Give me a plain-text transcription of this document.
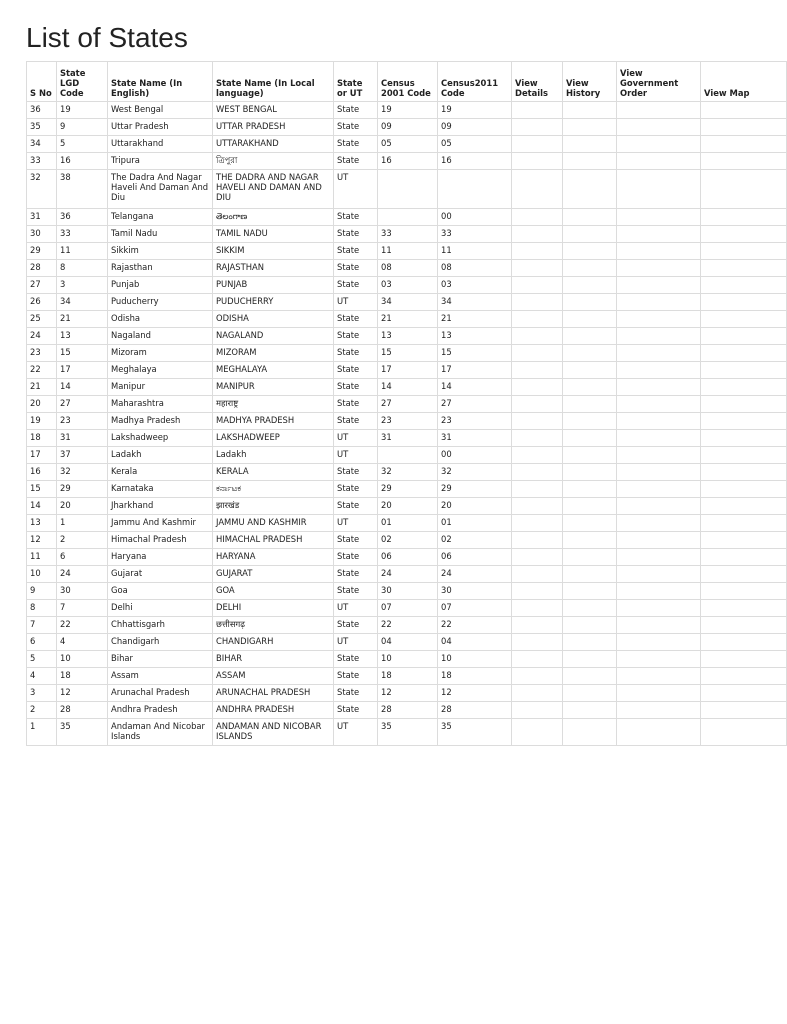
List of States
S No	State LGD Code	State Name (In English)	State Name (In Local language)	State or UT	Census 2001 Code	Census2011 Code	View Details	View History	View Government Order	View Map
36	19	West Bengal	WEST BENGAL	State	19	19				
35	9	Uttar Pradesh	UTTAR PRADESH	State	09	09				
34	5	Uttarakhand	UTTARAKHAND	State	05	05				
33	16	Tripura	ত্রিপুরা	State	16	16				
32	38	The Dadra And Nagar Haveli And Daman And Diu	THE DADRA AND NAGAR HAVELI AND DAMAN AND DIU	UT						
31	36	Telangana	తెలంగాణ	State		00				
30	33	Tamil Nadu	TAMIL NADU	State	33	33				
29	11	Sikkim	SIKKIM	State	11	11				
28	8	Rajasthan	RAJASTHAN	State	08	08				
27	3	Punjab	PUNJAB	State	03	03				
26	34	Puducherry	PUDUCHERRY	UT	34	34				
25	21	Odisha	ODISHA	State	21	21				
24	13	Nagaland	NAGALAND	State	13	13				
23	15	Mizoram	MIZORAM	State	15	15				
22	17	Meghalaya	MEGHALAYA	State	17	17				
21	14	Manipur	MANIPUR	State	14	14				
20	27	Maharashtra	महाराष्ट्र	State	27	27				
19	23	Madhya Pradesh	MADHYA PRADESH	State	23	23				
18	31	Lakshadweep	LAKSHADWEEP	UT	31	31				
17	37	Ladakh	Ladakh	UT		00				
16	32	Kerala	KERALA	State	32	32				
15	29	Karnataka	ಕರ್ನಾಟಕ	State	29	29				
14	20	Jharkhand	झारखंड	State	20	20				
13	1	Jammu And Kashmir	JAMMU AND KASHMIR	UT	01	01				
12	2	Himachal Pradesh	HIMACHAL PRADESH	State	02	02				
11	6	Haryana	HARYANA	State	06	06				
10	24	Gujarat	GUJARAT	State	24	24				
9	30	Goa	GOA	State	30	30				
8	7	Delhi	DELHI	UT	07	07				
7	22	Chhattisgarh	छत्तीसगढ़	State	22	22				
6	4	Chandigarh	CHANDIGARH	UT	04	04				
5	10	Bihar	BIHAR	State	10	10				
4	18	Assam	ASSAM	State	18	18				
3	12	Arunachal Pradesh	ARUNACHAL PRADESH	State	12	12				
2	28	Andhra Pradesh	ANDHRA PRADESH	State	28	28				
1	35	Andaman And Nicobar Islands	ANDAMAN AND NICOBAR ISLANDS	UT	35	35				
